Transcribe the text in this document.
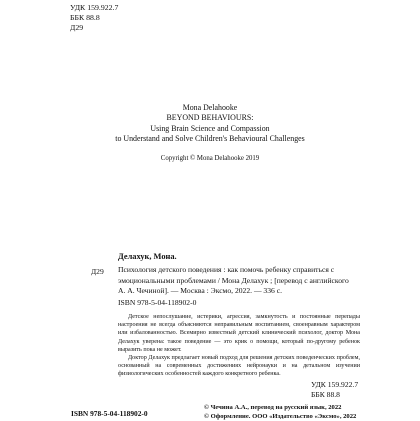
УДК 159.922.7
ББК 88.8
Д29
Mona Delahooke
BEYOND BEHAVIOURS:
Using Brain Science and Compassion
to Understand and Solve Children's Behavioural Challenges
Copyright © Mona Delahooke 2019
Делахук, Мона.
Д29 Психология детского поведения : как помочь ребенку справиться с
эмоциональными проблемами / Мона Делахук ; [перевод с английского
А. А. Чечиной]. — Москва : Эксмо, 2022. — 336 с.
ISBN 978-5-04-118902-0

Детское непослушание, истерики, агрессия, замкнутость и постоянные перепады настроения не всегда объясняются неправильным воспитанием, своенравным характером или избалованностью. Всемирно известный детский клинический психолог, доктор Мона Делахук уверена: такое поведение — это крик о помощи, который по-другому ребенок выразить пока не может.

Доктор Делахук предлагает новый подход для решения детских поведенческих проблем, основанный на современных достижениях нейронауки и на детальном изучении физиологических особенностей каждого конкретного ребенка.

УДК 159.922.7
ББК 88.8
ISBN 978-5-04-118902-0
© Чечина А.А., перевод на русский язык, 2022
© Оформление. ООО «Издательство «Эксмо», 2022
